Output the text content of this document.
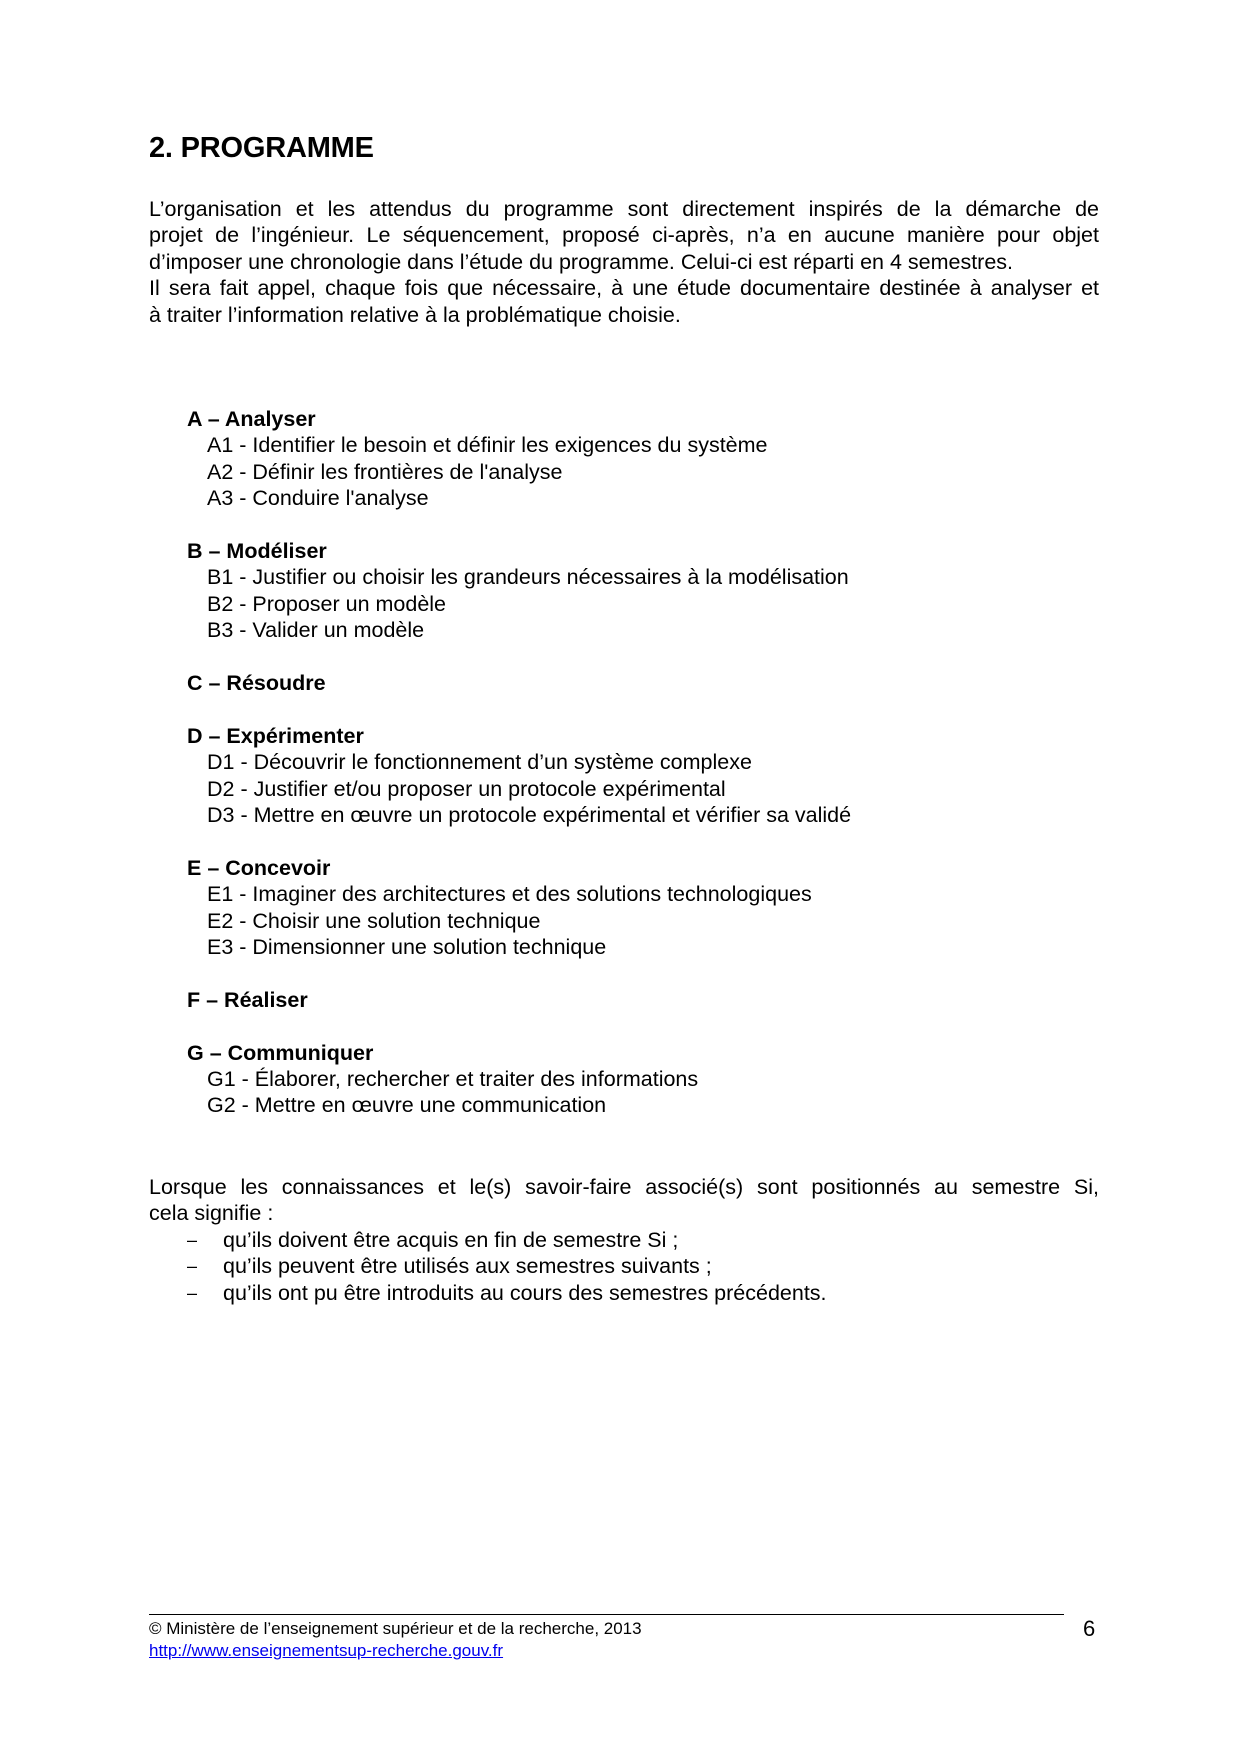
2. PROGRAMME
L’organisation et les attendus du programme sont directement inspirés de la démarche de
projet de l’ingénieur. Le séquencement, proposé ci-après, n’a en aucune manière pour objet
d’imposer une chronologie dans l’étude du programme. Celui-ci est réparti en 4 semestres.
Il sera fait appel, chaque fois que nécessaire, à une étude documentaire destinée à analyser et
à traiter l’information relative à la problématique choisie.
A – Analyser
A1 - Identifier le besoin et définir les exigences du système
A2 - Définir les frontières de l'analyse
A3 - Conduire l'analyse
B – Modéliser
B1 - Justifier ou choisir les grandeurs nécessaires à la modélisation
B2 - Proposer un modèle
B3 - Valider un modèle
C – Résoudre
D – Expérimenter
D1 - Découvrir le fonctionnement d’un système complexe
D2 - Justifier et/ou proposer un protocole expérimental
D3 - Mettre en œuvre un protocole expérimental et vérifier sa validé
E – Concevoir
E1 - Imaginer des architectures et des solutions technologiques
E2 - Choisir une solution technique
E3 - Dimensionner une solution technique
F – Réaliser
G – Communiquer
G1 - Élaborer, rechercher et traiter des informations
G2 - Mettre en œuvre une communication
Lorsque les connaissances et le(s) savoir-faire associé(s) sont positionnés au semestre Si,
cela signifie :
– qu’ils doivent être acquis en fin de semestre Si ;
– qu’ils peuvent être utilisés aux semestres suivants ;
– qu’ils ont pu être introduits au cours des semestres précédents.
© Ministère de l’enseignement supérieur et de la recherche, 2013
http://www.enseignementsup-recherche.gouv.fr
6
